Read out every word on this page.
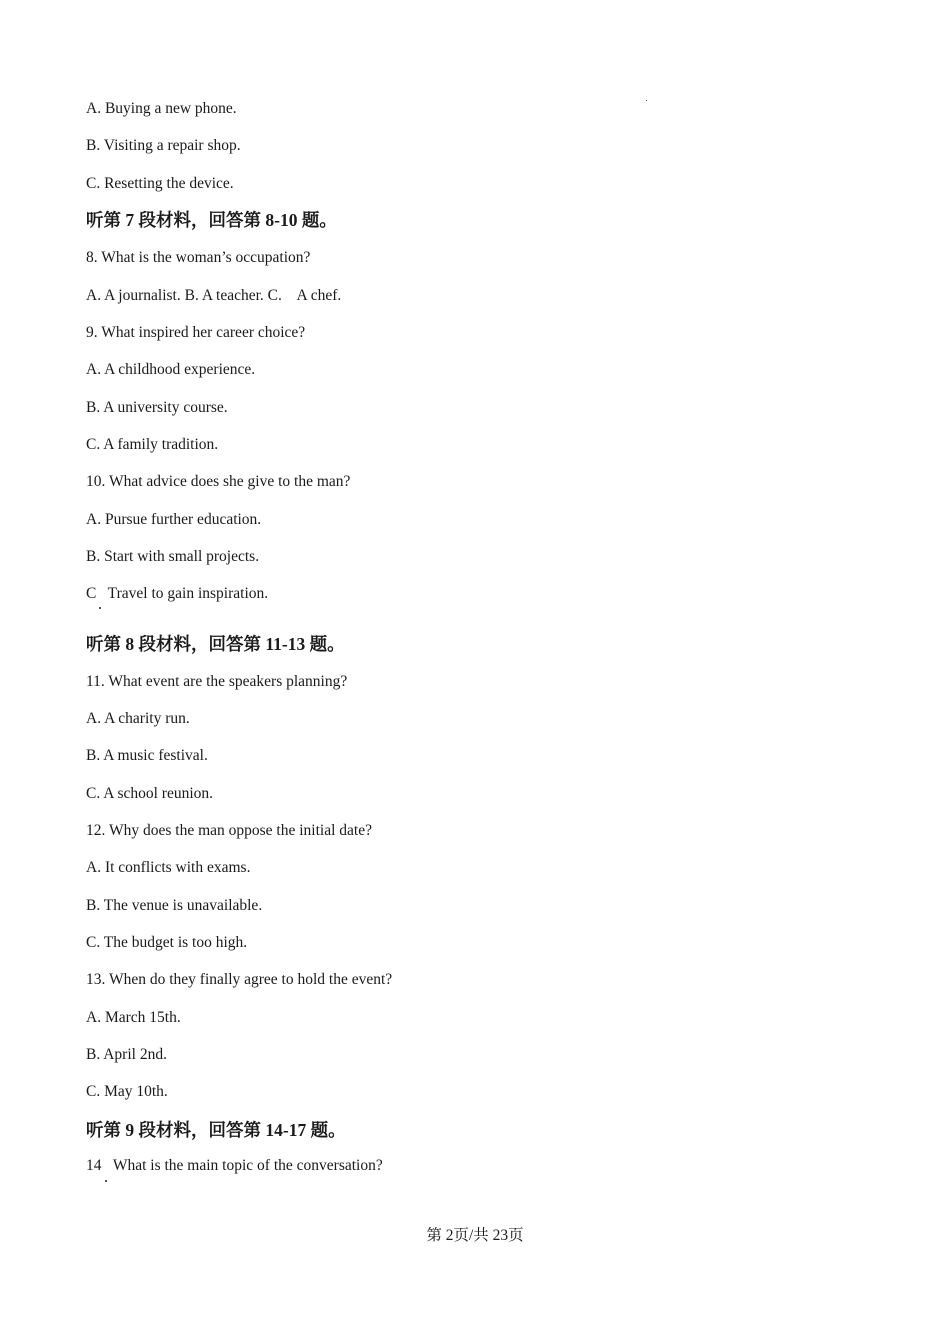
A. Buying a new phone.
B. Visiting a repair shop.
C. Resetting the device.
听第 7 段材料，回答第 8-10 题。
8. What is the woman’s occupation?
A. A journalist. B. A teacher. C.    A chef.
9. What inspired her career choice?
A. A childhood experience.
B. A university course.
C. A family tradition.
10. What advice does she give to the man?
A. Pursue further education.
B. Start with small projects.
C   Travel to gain inspiration.
听第 8 段材料，回答第 11-13 题。
11. What event are the speakers planning?
A. A charity run.
B. A music festival.
C. A school reunion.
12. Why does the man oppose the initial date?
A. It conflicts with exams.
B. The venue is unavailable.
C. The budget is too high.
13. When do they finally agree to hold the event?
A. March 15th.
B. April 2nd.
C. May 10th.
听第 9 段材料，回答第 14-17 题。
14   What is the main topic of the conversation?
第 2页/共 23页
